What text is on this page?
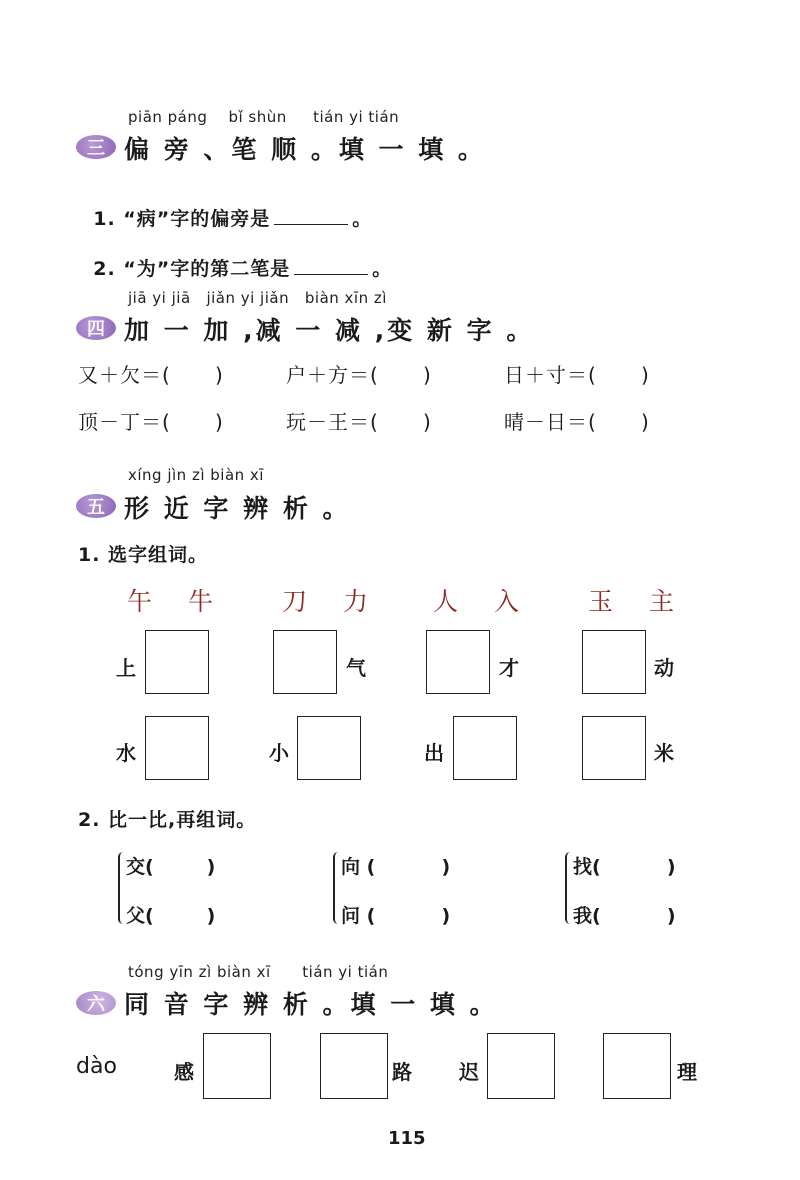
piān páng    bǐ shùn     tián yi tián
三 偏 旁 、笔 顺 。填 一 填 。

1. “病”字的偏旁是	。

2. “为”字的第二笔是	。

jiā yi jiā   jiǎn yi jiǎn   biàn xīn zì
四 加 一 加 ,减 一 减 ,变 新 字 。
又＋欠＝(      )	户＋方＝(      )	日＋寸＝(      )
顶－丁＝(      )	玩－王＝(      )	晴－日＝(      )
xíng jìn zì biàn xī
五 形 近 字 辨 析 。
1. 选字组词。
午 牛 刀 力 人 入 玉 主
上	气	才	动
水	小	出	米
2. 比一比,再组词。
交(        )
父(        )
向 (          )
问 (          )
找(          )
我(          )
tóng yīn zì biàn xī      tián yi tián
六 同 音 字 辨 析 。填 一 填 。
dào	感	路 迟	理
115
